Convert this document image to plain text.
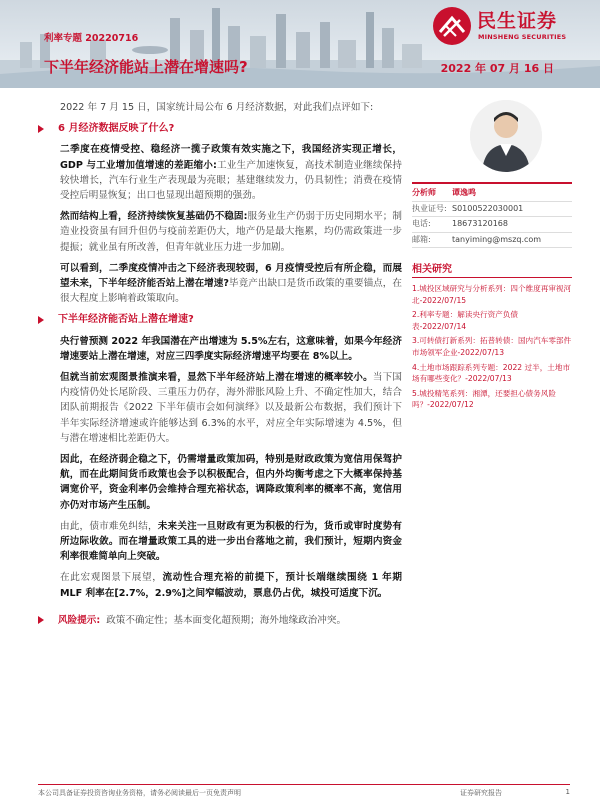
利率专题 20220716
下半年经济能站上潜在增速吗?	2022 年 07 月 16 日
民生证券
MINSHENG SECURITIES

2022 年 7 月 15 日，国家统计局公布 6 月经济数据，对此我们点评如下:

6 月经济数据反映了什么?

二季度在疫情受控、稳经济一揽子政策有效实施之下，我国经济实现正增长，GDP 与工业增加值增速的差距缩小:工业生产加速恢复，高技术制造业继续保持较快增长，汽车行业生产表现最为亮眼；基建继续发力，仍具韧性；消费在疫情受控后明显恢复；出口也显现出超预期的强劲。

然而结构上看，经济持续恢复基础仍不稳固:服务业生产仍弱于历史同期水平；制造业投资虽有回升但仍与疫前差距仍大，地产仍是最大拖累，均仍需政策进一步提振；就业虽有所改善，但青年就业压力进一步加剧。

可以看到，二季度疫情冲击之下经济表现较弱，6 月疫情受控后有所企稳，而展望未来，下半年经济能否站上潜在增速?毕竟产出缺口是货币政策的重要锚点，在很大程度上影响着政策取向。

下半年经济能否站上潜在增速?

央行曾预测 2022 年我国潜在产出增速为 5.5%左右，这意味着，如果今年经济增速要站上潜在增速，对应三四季度实际经济增速平均要在 8%以上。

但就当前宏观图景推演来看，显然下半年经济站上潜在增速的概率较小。当下国内疫情仍处长尾阶段、三重压力仍存，海外滞胀风险上升、不确定性加大，结合团队前期报告《2022 下半年债市会如何演绎》以及最新公布数据，我们预计下半年实际经济增速或许能够达到 6.3%的水平，对应全年实际增速为 4.5%，但与潜在增速相比差距仍大。

因此，在经济弱企稳之下，仍需增量政策加码，特别是财政政策为宽信用保驾护航，而在此期间货币政策也会予以积极配合，但内外均衡考虑之下大概率保持基调宽价平，资金利率仍会维持合理充裕状态，调降政策利率的概率不高，宽信用亦仍对市场产生压制。

由此，债市难免纠结，未来关注一旦财政有更为积极的行为，货币或审时度势有所边际收敛。而在增量政策工具的进一步出台落地之前，我们预计，短期内资金利率很难简单向上突破。

在此宏观图景下展望，流动性合理充裕的前提下，预计长端继续围绕 1 年期 MLF 利率在[2.7%，2.9%]之间窄幅波动，票息仍占优，城投可适度下沉。

风险提示: 政策不确定性；基本面变化超预期；海外地缘政治冲突。
分析师	谭逸鸣
执业证号: S0100522030001
电话:	18673120168
邮箱:	tanyiming@mszq.com
相关研究
1.城投区域研究与分析系列：四个维度再审视河北-2022/07/15
2.利率专题：解读央行资产负债表-2022/07/14
3.可转债打新系列：拓普转债：国内汽车零部件市场领军企业-2022/07/13
4.土地市场跟踪系列专题：2022 过半，土地市场有哪些变化？-2022/07/13
5.城投精笔系列：湘潭，还要担心债务风险吗？-2022/07/12
本公司具备证券投资咨询业务资格，请务必阅读最后一页免责声明	证券研究报告	1
